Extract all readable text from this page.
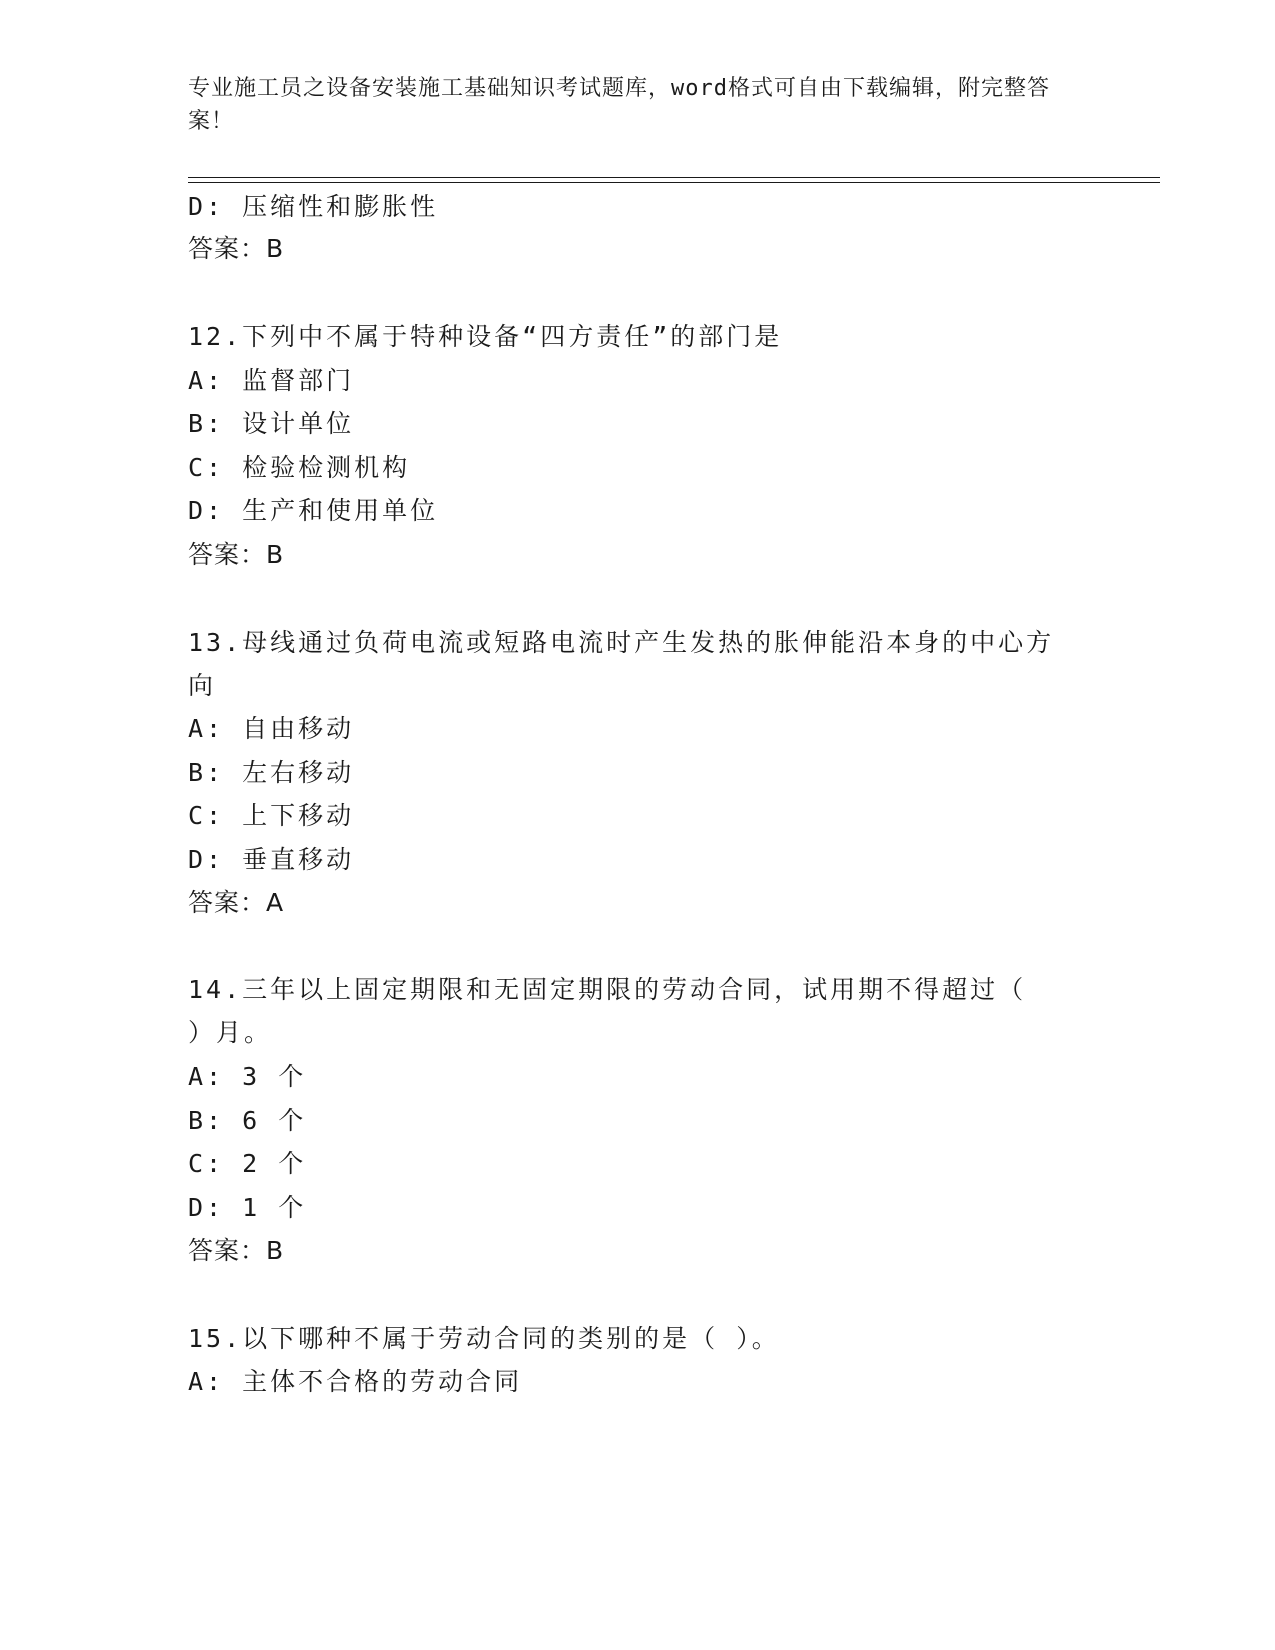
专业施工员之设备安装施工基础知识考试题库，word格式可自由下载编辑，附完整答案！
D: 压缩性和膨胀性
答案：B
12.下列中不属于特种设备“四方责任”的部门是
A: 监督部门
B: 设计单位
C: 检验检测机构
D: 生产和使用单位
答案：B
13.母线通过负荷电流或短路电流时产生发热的胀伸能沿本身的中心方
向
A: 自由移动
B: 左右移动
C: 上下移动
D: 垂直移动
答案：A
14.三年以上固定期限和无固定期限的劳动合同，试用期不得超过（
）月。
A: 3 个
B: 6 个
C: 2 个
D: 1 个
答案：B
15.以下哪种不属于劳动合同的类别的是（ ）。
A: 主体不合格的劳动合同
